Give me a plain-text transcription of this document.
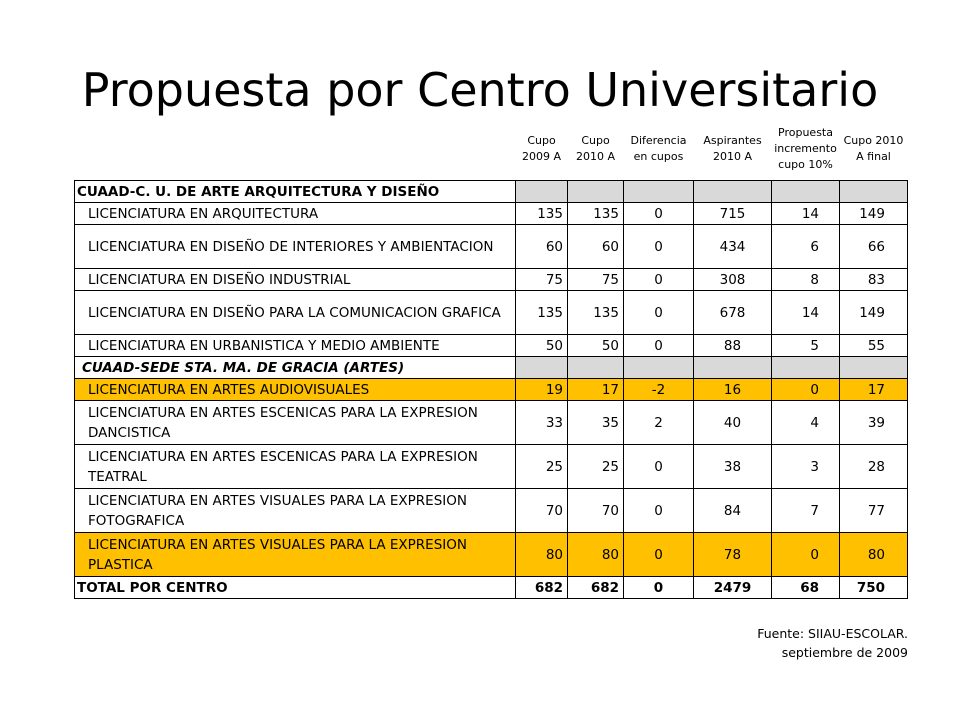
Propuesta por Centro Universitario
	Cupo 2009 A	Cupo 2010 A	Diferencia en cupos	Aspirantes 2010 A	Propuesta incremento cupo 10%	Cupo 2010 A final
CUAAD-C. U. DE ARTE ARQUITECTURA Y DISEÑO						
LICENCIATURA EN ARQUITECTURA	135	135	0	715	14	149
LICENCIATURA EN DISEÑO DE INTERIORES Y AMBIENTACION	60	60	0	434	6	66
LICENCIATURA EN DISEÑO INDUSTRIAL	75	75	0	308	8	83
LICENCIATURA EN DISEÑO PARA LA COMUNICACION GRAFICA	135	135	0	678	14	149
LICENCIATURA EN URBANISTICA Y MEDIO AMBIENTE	50	50	0	88	5	55
CUAAD-SEDE STA. MA. DE GRACIA (ARTES)						
LICENCIATURA EN ARTES AUDIOVISUALES	19	17	-2	16	0	17
LICENCIATURA EN ARTES ESCENICAS PARA LA EXPRESION DANCISTICA	33	35	2	40	4	39
LICENCIATURA EN ARTES ESCENICAS PARA LA EXPRESION TEATRAL	25	25	0	38	3	28
LICENCIATURA EN ARTES VISUALES PARA LA EXPRESION FOTOGRAFICA	70	70	0	84	7	77
LICENCIATURA EN ARTES VISUALES PARA LA EXPRESION PLASTICA	80	80	0	78	0	80
TOTAL POR CENTRO	682	682	0	2479	68	750
Fuente: SIIAU-ESCOLAR.
septiembre de 2009
